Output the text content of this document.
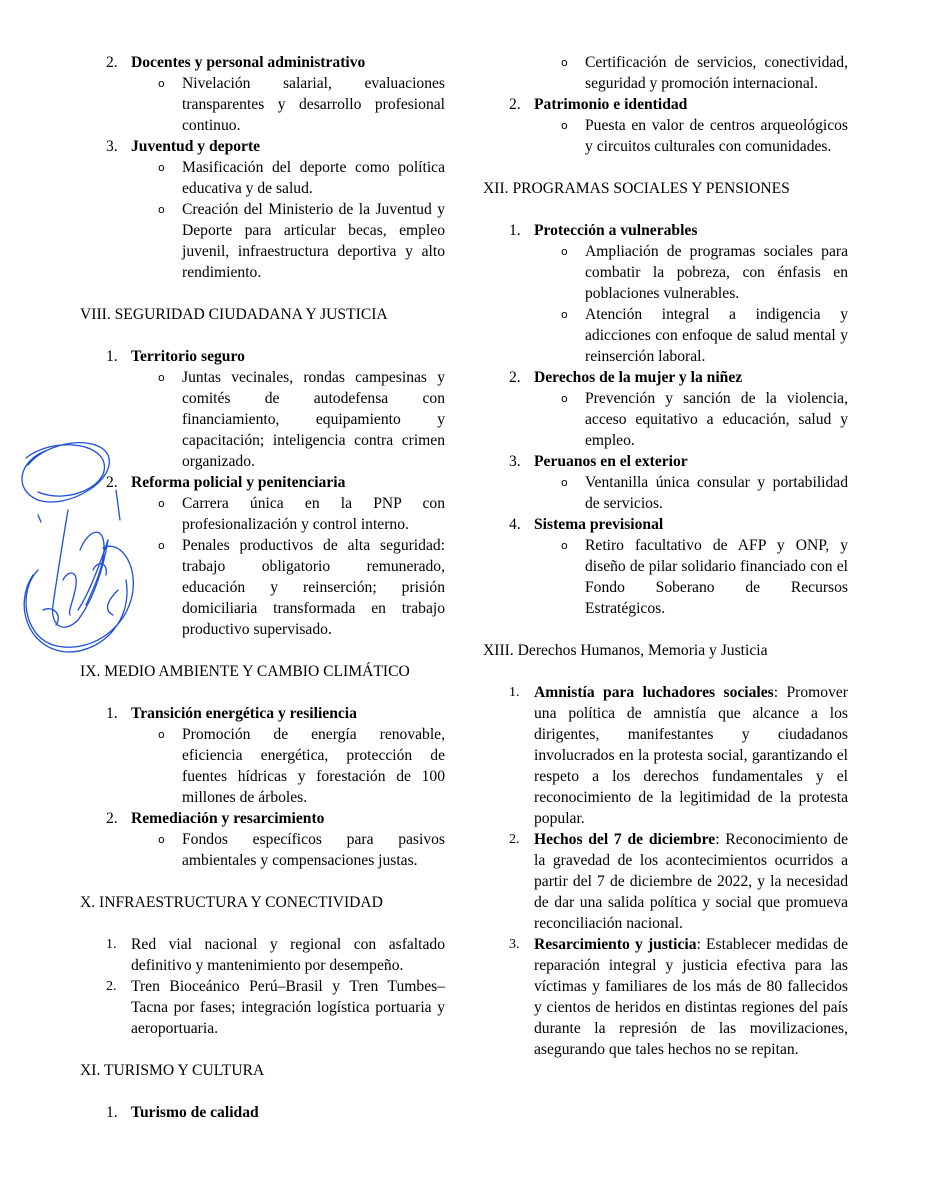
2. Docentes y personal administrativo
o Nivelación salarial, evaluaciones transparentes y desarrollo profesional continuo.
3. Juventud y deporte
o Masificación del deporte como política educativa y de salud.
o Creación del Ministerio de la Juventud y Deporte para articular becas, empleo juvenil, infraestructura deportiva y alto rendimiento.
VIII. SEGURIDAD CIUDADANA Y JUSTICIA
1. Territorio seguro
o Juntas vecinales, rondas campesinas y comités de autodefensa con financiamiento, equipamiento y capacitación; inteligencia contra crimen organizado.
2. Reforma policial y penitenciaria
o Carrera única en la PNP con profesionalización y control interno.
o Penales productivos de alta seguridad: trabajo obligatorio remunerado, educación y reinserción; prisión domiciliaria transformada en trabajo productivo supervisado.
IX. MEDIO AMBIENTE Y CAMBIO CLIMÁTICO
1. Transición energética y resiliencia
o Promoción de energía renovable, eficiencia energética, protección de fuentes hídricas y forestación de 100 millones de árboles.
2. Remediación y resarcimiento
o Fondos específicos para pasivos ambientales y compensaciones justas.
X. INFRAESTRUCTURA Y CONECTIVIDAD
1. Red vial nacional y regional con asfaltado definitivo y mantenimiento por desempeño.
2. Tren Bioceánico Perú–Brasil y Tren Tumbes–Tacna por fases; integración logística portuaria y aeroportuaria.
XI. TURISMO Y CULTURA
1. Turismo de calidad
o Certificación de servicios, conectividad, seguridad y promoción internacional.
2. Patrimonio e identidad
o Puesta en valor de centros arqueológicos y circuitos culturales con comunidades.
XII. PROGRAMAS SOCIALES Y PENSIONES
1. Protección a vulnerables
o Ampliación de programas sociales para combatir la pobreza, con énfasis en poblaciones vulnerables.
o Atención integral a indigencia y adicciones con enfoque de salud mental y reinserción laboral.
2. Derechos de la mujer y la niñez
o Prevención y sanción de la violencia, acceso equitativo a educación, salud y empleo.
3. Peruanos en el exterior
o Ventanilla única consular y portabilidad de servicios.
4. Sistema previsional
o Retiro facultativo de AFP y ONP, y diseño de pilar solidario financiado con el Fondo Soberano de Recursos Estratégicos.
XIII. Derechos Humanos, Memoria y Justicia
1. Amnistía para luchadores sociales: Promover una política de amnistía que alcance a los dirigentes, manifestantes y ciudadanos involucrados en la protesta social, garantizando el respeto a los derechos fundamentales y el reconocimiento de la legitimidad de la protesta popular.
2. Hechos del 7 de diciembre: Reconocimiento de la gravedad de los acontecimientos ocurridos a partir del 7 de diciembre de 2022, y la necesidad de dar una salida política y social que promueva reconciliación nacional.
3. Resarcimiento y justicia: Establecer medidas de reparación integral y justicia efectiva para las víctimas y familiares de los más de 80 fallecidos y cientos de heridos en distintas regiones del país durante la represión de las movilizaciones, asegurando que tales hechos no se repitan.
